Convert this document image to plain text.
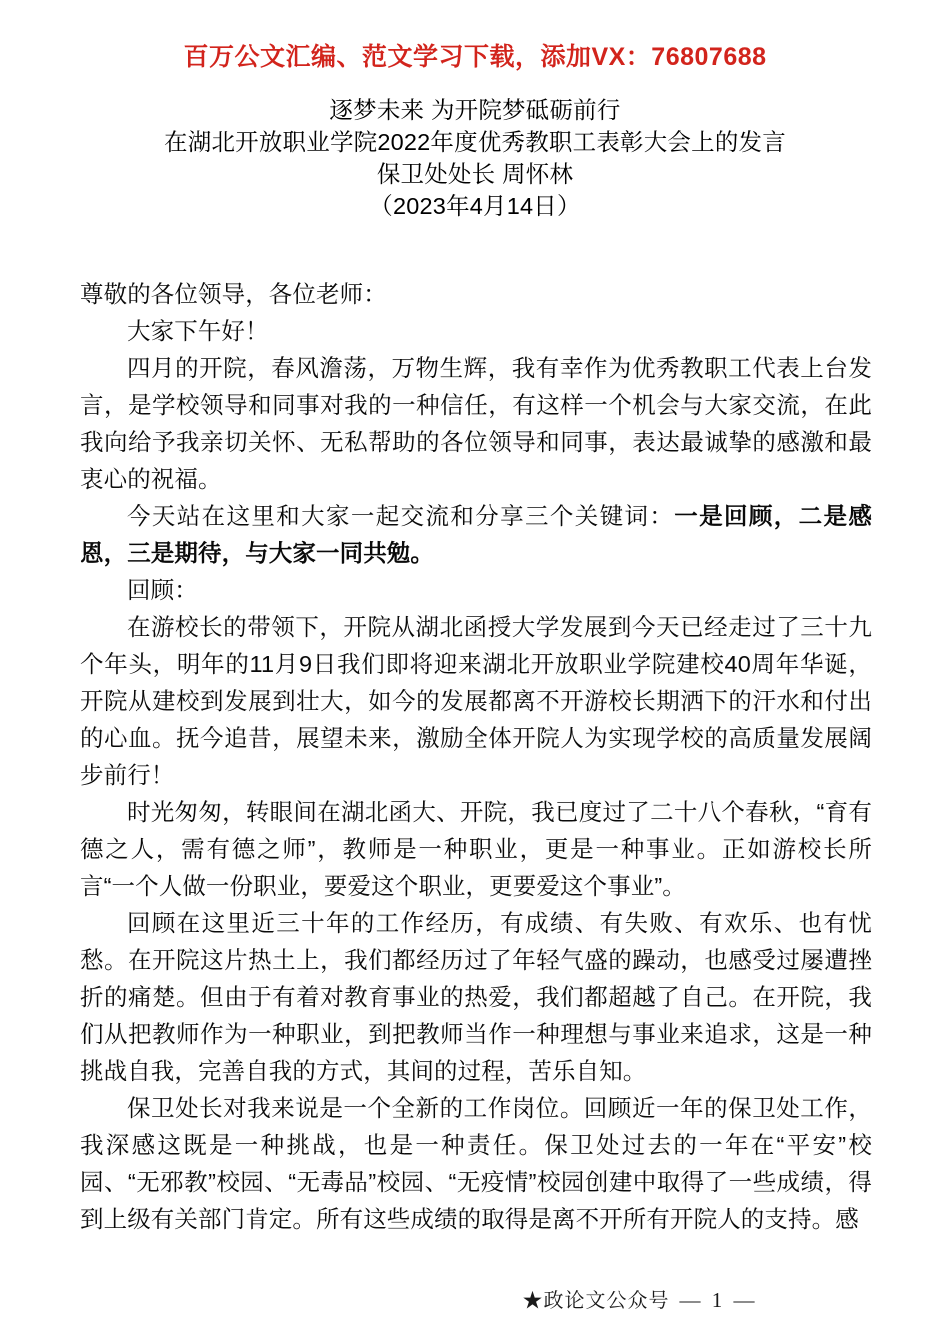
百万公文汇编、范文学习下载，添加VX：76807688
逐梦未来 为开院梦砥砺前行
在湖北开放职业学院2022年度优秀教职工表彰大会上的发言
保卫处处长 周怀林
（2023年4月14日）

尊敬的各位领导，各位老师：

大家下午好！

四月的开院，春风澹荡，万物生辉，我有幸作为优秀教职工代表上台发言，是学校领导和同事对我的一种信任，有这样一个机会与大家交流，在此我向给予我亲切关怀、无私帮助的各位领导和同事，表达最诚挚的感激和最衷心的祝福。

今天站在这里和大家一起交流和分享三个关键词：一是回顾，二是感恩，三是期待，与大家一同共勉。

回顾：

在游校长的带领下，开院从湖北函授大学发展到今天已经走过了三十九个年头，明年的11月9日我们即将迎来湖北开放职业学院建校40周年华诞，开院从建校到发展到壮大，如今的发展都离不开游校长期洒下的汗水和付出的心血。抚今追昔，展望未来，激励全体开院人为实现学校的高质量发展阔步前行！

时光匆匆，转眼间在湖北函大、开院，我已度过了二十八个春秋，“育有德之人，需有德之师”，教师是一种职业，更是一种事业。正如游校长所言“一个人做一份职业，要爱这个职业，更要爱这个事业”。

回顾在这里近三十年的工作经历，有成绩、有失败、有欢乐、也有忧愁。在开院这片热土上，我们都经历过了年轻气盛的躁动，也感受过屡遭挫折的痛楚。但由于有着对教育事业的热爱，我们都超越了自己。在开院，我们从把教师作为一种职业，到把教师当作一种理想与事业来追求，这是一种挑战自我，完善自我的方式，其间的过程，苦乐自知。

保卫处长对我来说是一个全新的工作岗位。回顾近一年的保卫处工作，我深感这既是一种挑战，也是一种责任。保卫处过去的一年在“平安”校园、“无邪教”校园、“无毒品”校园、“无疫情”校园创建中取得了一些成绩，得到上级有关部门肯定。所有这些成绩的取得是离不开所有开院人的支持。感

★政论文公众号 — 1 —
